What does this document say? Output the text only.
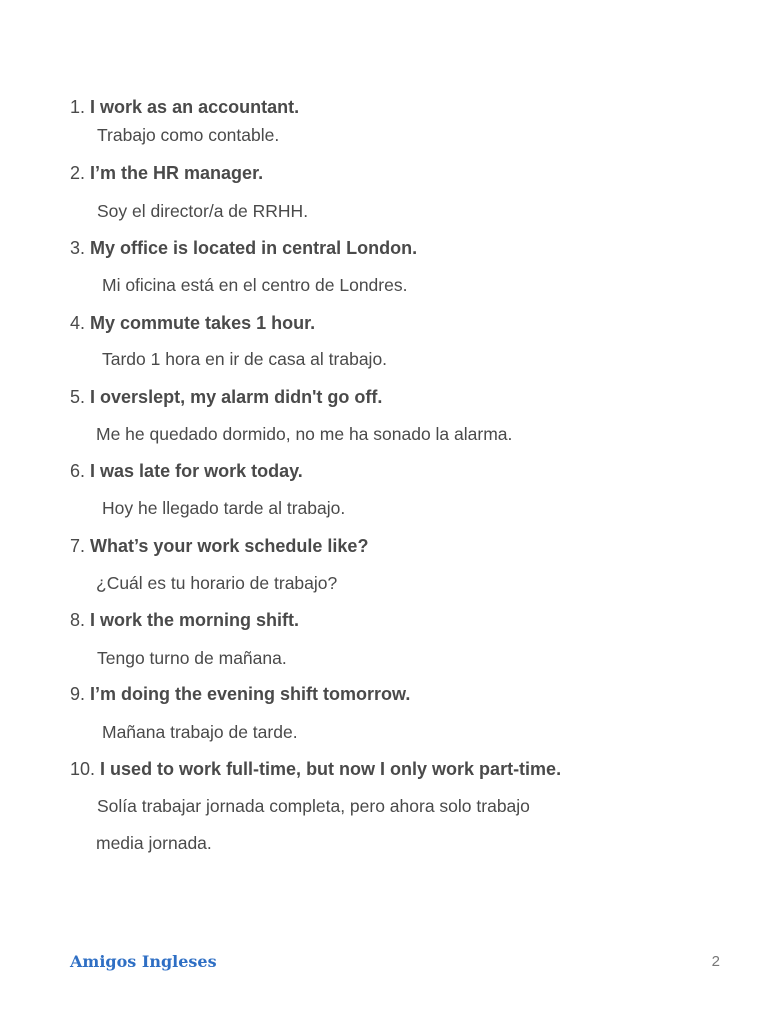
1. I work as an accountant.
Trabajo como contable.
2. I’m the HR manager.
Soy el director/a de RRHH.
3. My office is located in central London.
Mi oficina está en el centro de Londres.
4. My commute takes 1 hour.
Tardo 1 hora en ir de casa al trabajo.
5. I overslept, my alarm didn't go off.
Me he quedado dormido, no me ha sonado la alarma.
6. I was late for work today.
Hoy he llegado tarde al trabajo.
7. What’s your work schedule like?
¿Cuál es tu horario de trabajo?
8. I work the morning shift.
Tengo turno de mañana.
9. I’m doing the evening shift tomorrow.
Mañana trabajo de tarde.
10. I used to work full-time, but now I only work part-time.
Solía trabajar jornada completa, pero ahora solo trabajo
media jornada.
Amigos Ingleses	2
